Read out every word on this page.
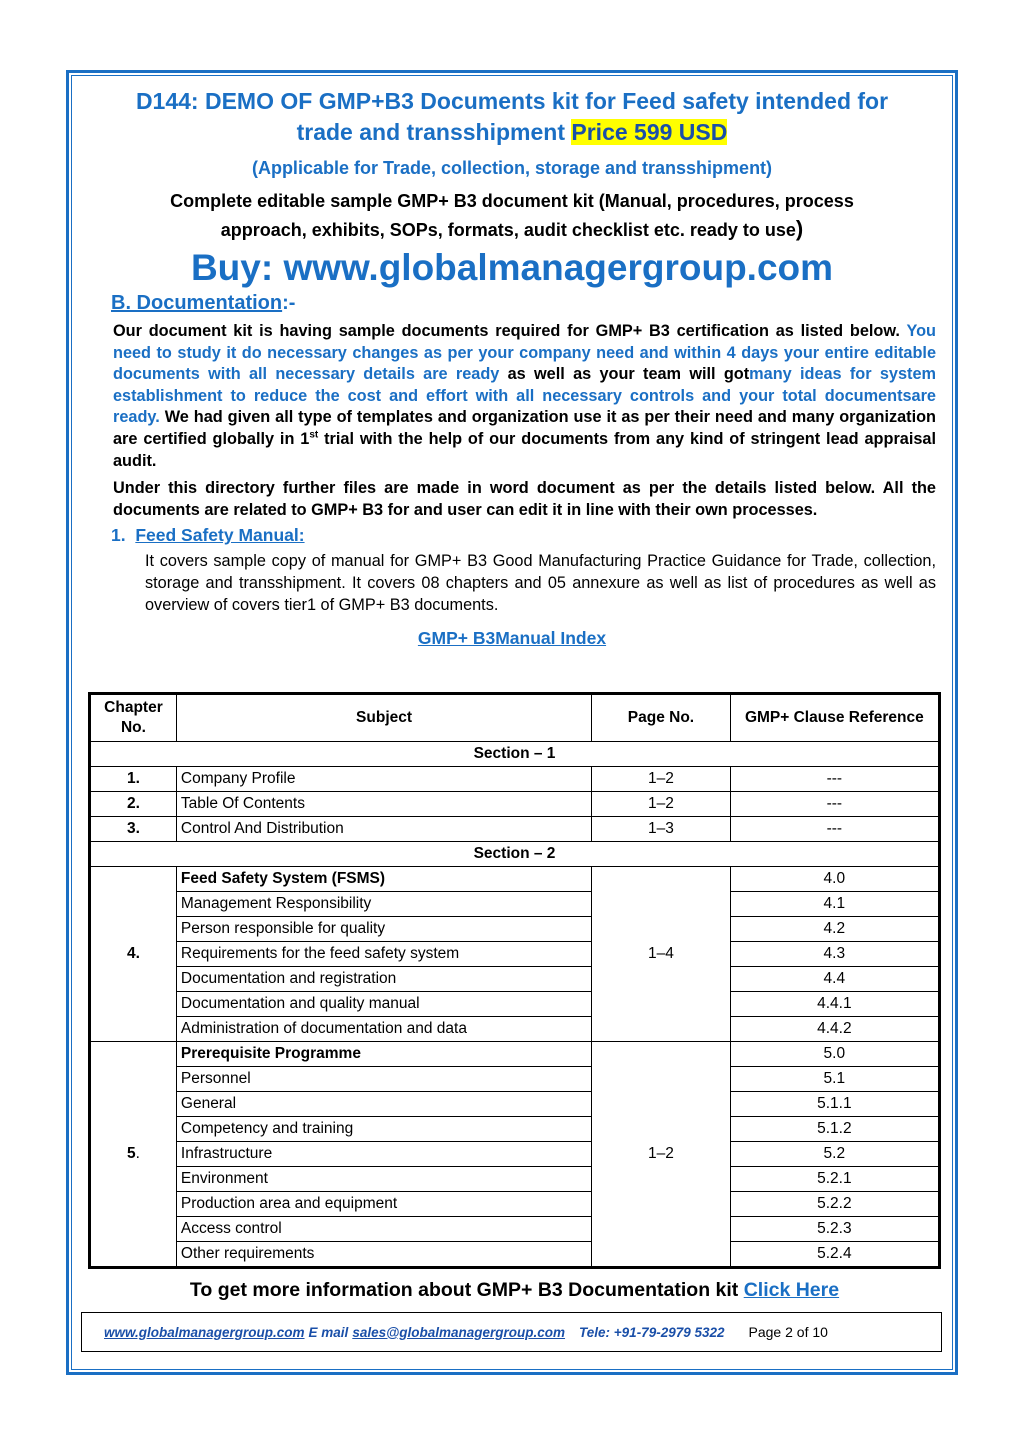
D144: DEMO OF GMP+B3 Documents kit for Feed safety intended for
trade and transshipment Price 599 USD
(Applicable for Trade, collection, storage and transshipment)
Complete editable sample GMP+ B3 document kit (Manual, procedures, process
approach, exhibits, SOPs, formats, audit checklist etc. ready to use)
Buy: www.globalmanagergroup.com
B. Documentation:-
Our document kit is having sample documents required for GMP+ B3 certification as listed below. You need to study it do necessary changes as per your company need and within 4 days your entire editable documents with all necessary details are ready as well as your team will gotmany ideas for system establishment to reduce the cost and effort with all necessary controls and your total documentsare ready. We had given all type of templates and organization use it as per their need and many organization are certified globally in 1st trial with the help of our documents from any kind of stringent lead appraisal audit.
Under this directory further files are made in word document as per the details listed below. All the documents are related to GMP+ B3 for and user can edit it in line with their own processes.
1. Feed Safety Manual:
It covers sample copy of manual for GMP+ B3 Good Manufacturing Practice Guidance for Trade, collection, storage and transshipment. It covers 08 chapters and 05 annexure as well as list of procedures as well as overview of covers tier1 of GMP+ B3 documents.
GMP+ B3Manual Index
Chapter No.	Subject	Page No.	GMP+ Clause Reference
Section – 1			
1.	Company Profile	1–2	---
2.	Table Of Contents	1–2	---
3.	Control And Distribution	1–3	---
Section – 2			
4.	Feed Safety System (FSMS)	1–4	4.0
	Management Responsibility		4.1
	Person responsible for quality		4.2
	Requirements for the feed safety system		4.3
	Documentation and registration		4.4
	Documentation and quality manual		4.4.1
	Administration of documentation and data		4.4.2
5.	Prerequisite Programme	1–2	5.0
	Personnel		5.1
	General		5.1.1
	Competency and training		5.1.2
	Infrastructure		5.2
	Environment		5.2.1
	Production area and equipment		5.2.2
	Access control		5.2.3
	Other requirements		5.2.4
To get more information about GMP+ B3 Documentation kit Click Here
www.globalmanagergroup.com E mail sales@globalmanagergroup.com Tele: +91-79-2979 5322 Page 2 of 10
